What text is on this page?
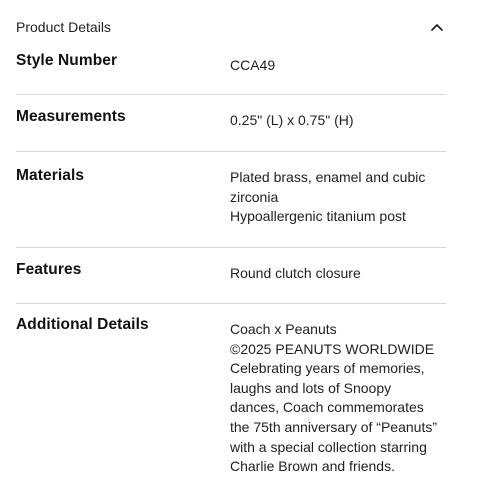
Product Details
Style Number	CCA49
Measurements	0.25" (L) x 0.75" (H)
Materials	Plated brass, enamel and cubic
zirconia
Hypoallergenic titanium post
Features	Round clutch closure
Additional Details	Coach x Peanuts
©2025 PEANUTS WORLDWIDE
Celebrating years of memories,
laughs and lots of Snoopy
dances, Coach commemorates
the 75th anniversary of “Peanuts”
with a special collection starring
Charlie Brown and friends.
